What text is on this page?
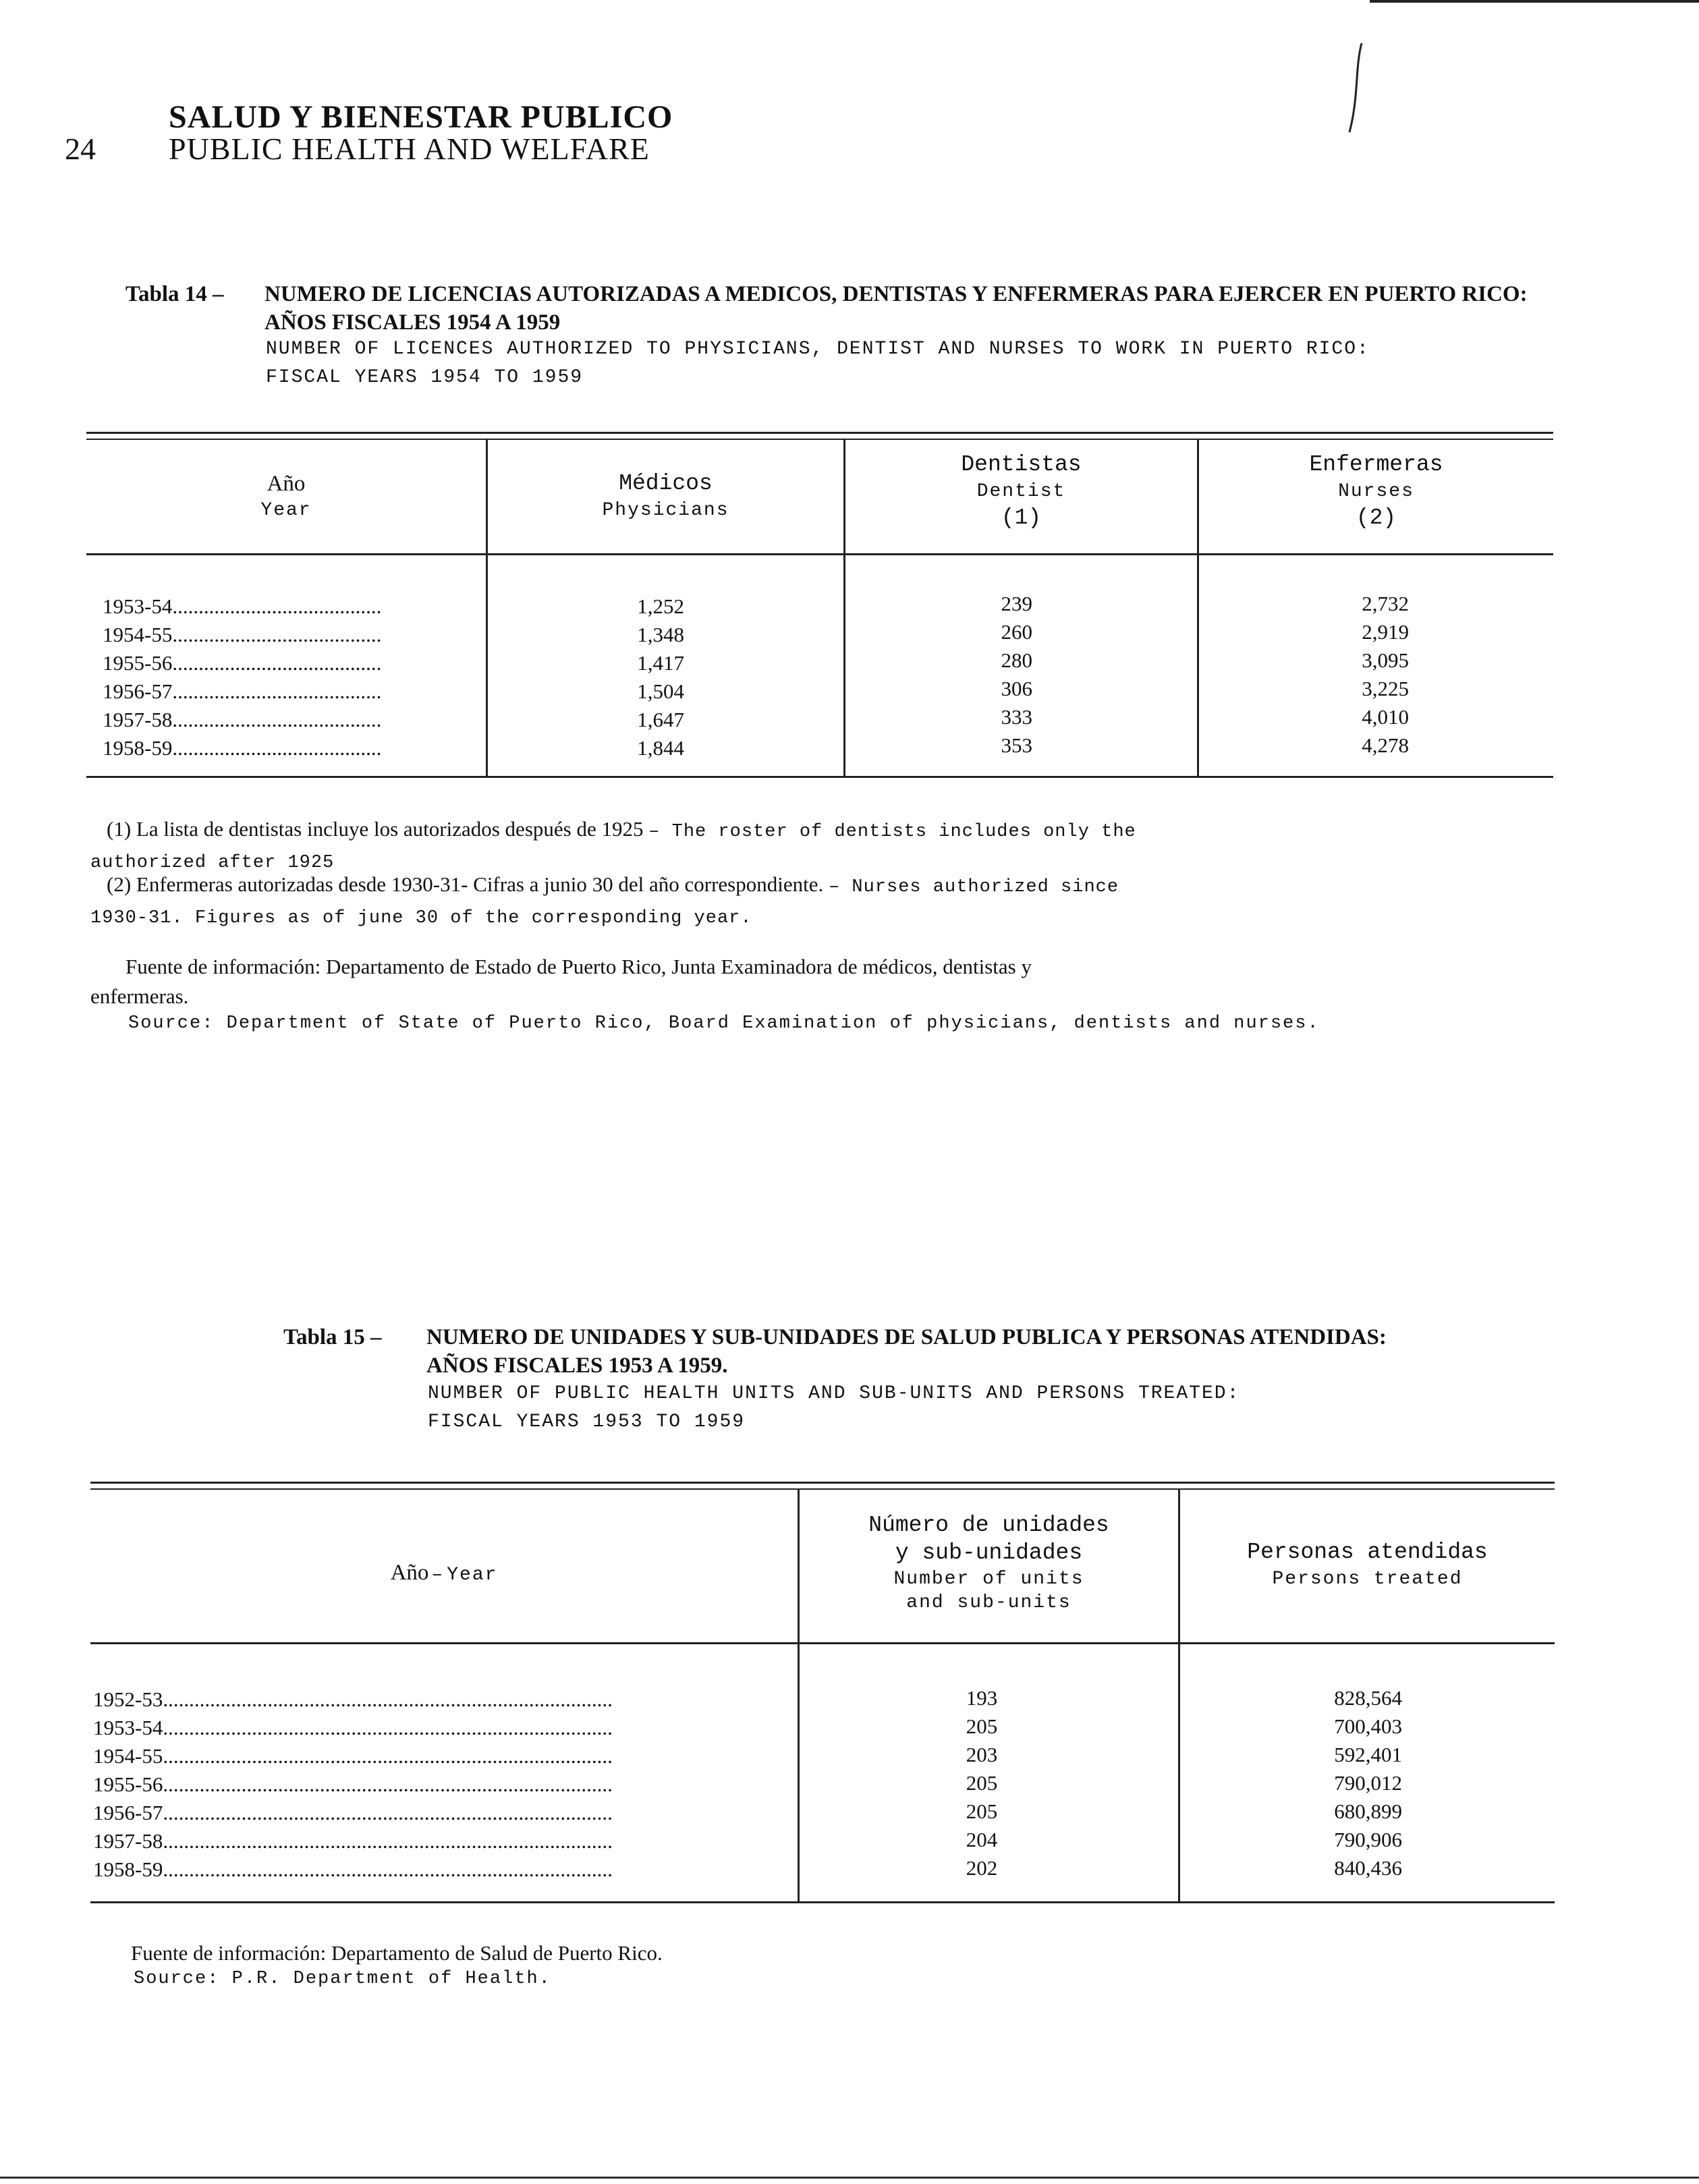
24
SALUD Y BIENESTAR PUBLICO
PUBLIC HEALTH AND WELFARE
Tabla 14 – NUMERO DE LICENCIAS AUTORIZADAS A MEDICOS, DENTISTAS Y ENFERMERAS PARA EJERCER EN PUERTO RICO:
AÑOS FISCALES 1954 A 1959
NUMBER OF LICENCES AUTHORIZED TO PHYSICIANS, DENTIST AND NURSES TO WORK IN PUERTO RICO:
FISCAL YEARS 1954 TO 1959
Año
Year
Médicos
Physicians
Dentistas
Dentist
(1)
Enfermeras
Nurses
(2)
1953-54........................................
1954-55........................................
1955-56........................................
1956-57........................................
1957-58........................................
1958-59........................................
1,252
1,348
1,417
1,504
1,647
1,844
239
260
280
306
333
353
2,732
2,919
3,095
3,225
4,010
4,278
(1) La lista de dentistas incluye los autorizados después de 1925 – The roster of dentists includes only the
authorized after 1925
(2) Enfermeras autorizadas desde 1930-31- Cifras a junio 30 del año correspondiente. – Nurses authorized since
1930-31. Figures as of june 30 of the corresponding year.
Fuente de información: Departamento de Estado de Puerto Rico, Junta Examinadora de médicos, dentistas y
enfermeras.
Source: Department of State of Puerto Rico, Board Examination of physicians, dentists and nurses.
Tabla 15 – NUMERO DE UNIDADES Y SUB-UNIDADES DE SALUD PUBLICA Y PERSONAS ATENDIDAS:
AÑOS FISCALES 1953 A 1959.
NUMBER OF PUBLIC HEALTH UNITS AND SUB-UNITS AND PERSONS TREATED:
FISCAL YEARS 1953 TO 1959
Año – Year
Número de unidades
y sub-unidades
Number of units
and sub-units
Personas atendidas
Persons treated
1952-53......................................................................................
1953-54......................................................................................
1954-55......................................................................................
1955-56......................................................................................
1956-57......................................................................................
1957-58......................................................................................
1958-59......................................................................................
193
205
203
205
205
204
202
828,564
700,403
592,401
790,012
680,899
790,906
840,436
Fuente de información: Departamento de Salud de Puerto Rico.
Source: P.R. Department of Health.
